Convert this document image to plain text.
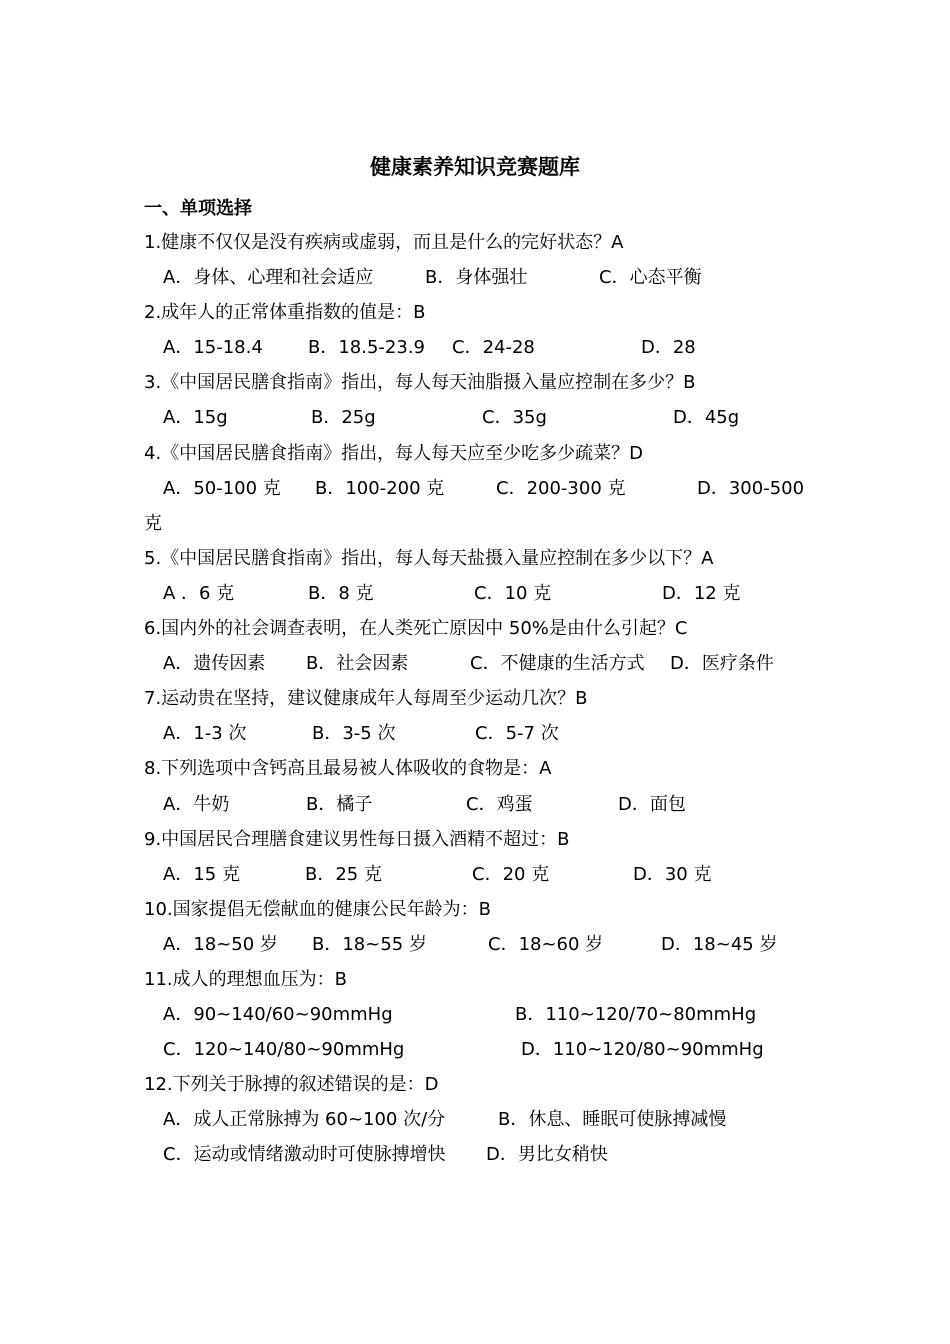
健康素养知识竞赛题库
一、单项选择
1.健康不仅仅是没有疾病或虚弱，而且是什么的完好状态？A
A．身体、心理和社会适应	B．身体强壮	C．心态平衡
2.成年人的正常体重指数的值是：B
A．15-18.4	B．18.5-23.9 C．24-28	D．28
3.《中国居民膳食指南》指出，每人每天油脂摄入量应控制在多少？B
A．15g	B．25g	C．35g	D．45g
4.《中国居民膳食指南》指出，每人每天应至少吃多少疏菜？D
A．50-100 克 B．100-200 克	C．200-300 克	D．300-500
克
5.《中国居民膳食指南》指出，每人每天盐摄入量应控制在多少以下？A
A ．6 克	B．8 克	C．10 克	D．12 克
6.国内外的社会调查表明，在人类死亡原因中 50%是由什么引起？C
A．遗传因素 B．社会因素	C．不健康的生活方式 D．医疗条件
7.运动贵在坚持，建议健康成年人每周至少运动几次？B
A．1-3 次	B．3-5 次	C．5-7 次
8.下列选项中含钙高且最易被人体吸收的食物是：A
A．牛奶	B．橘子	C．鸡蛋	D．面包
9.中国居民合理膳食建议男性每日摄入酒精不超过：B
A．15 克	B．25 克	C．20 克	D．30 克
10.国家提倡无偿献血的健康公民年龄为：B
A．18~50 岁 B．18~55 岁	C．18~60 岁	D．18~45 岁
11.成人的理想血压为：B
A．90~140/60~90mmHg	B．110~120/70~80mmHg
C．120~140/80~90mmHg	D．110~120/80~90mmHg
12.下列关于脉搏的叙述错误的是：D
A．成人正常脉搏为 60~100 次/分	B．休息、睡眠可使脉搏减慢
C．运动或情绪激动时可使脉搏增快 D．男比女稍快
